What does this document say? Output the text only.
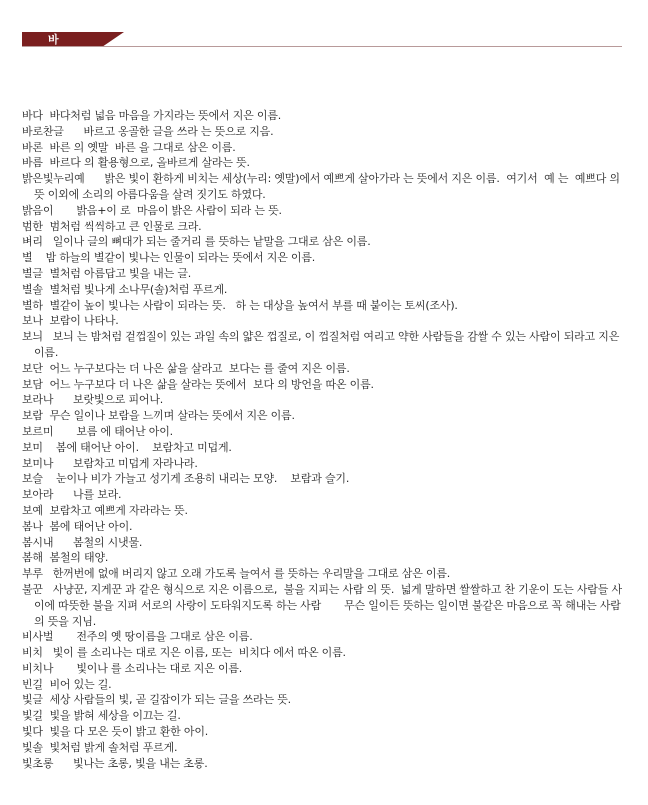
바
바다  바다처럼 넓음 마음을 가지라는 뜻에서 지은 이름.
바로찬글      바르고 옹골한 글을 쓰라 는 뜻으로 지음.
바론  바른 의 옛말  바른 을 그대로 삼은 이름.
바름  바르다 의 활용형으로, 올바르게 살라는 뜻.
밝은빛누리예      밝은 빛이 환하게 비치는 세상(누리: 옛말)에서 예쁘게 살아가라 는 뜻에서 지은 이름.  여기서  예 는  예쁘다 의 뜻 이외에 소리의 아름다움을 살려 짓기도 하였다.
밝음이       밝음+이 로  마음이 밝은 사람이 되라 는 뜻.
범한  범처럼 씩씩하고 큰 인물로 크라.
벼리   일이나 글의 뼈대가 되는 줄거리 를 뜻하는 낱말을 그대로 삼은 이름.
별    밤 하늘의 별같이 빛나는 인물이 되라는 뜻에서 지은 이름.
별글  별처럼 아름답고 빛을 내는 글.
별솔  별처럼 빛나게 소나무(솔)처럼 푸르게.
별하  별같이 높이 빛나는 사람이 되라는 뜻.   하 는 대상을 높여서 부를 때 붙이는 토씨(조사).
보나  보람이 나타나.
보늬   보늬 는 밤처럼 겉껍질이 있는 과일 속의 얇은 껍질로, 이 껍질처럼 여리고 약한 사람들을 감쌀 수 있는 사람이 되라고 지은 이름.
보단  어느 누구보다는 더 나은 삶을 살라고  보다는 를 줄여 지은 이름.
보담  어느 누구보다 더 나은 삶을 살라는 뜻에서  보다 의 방언을 따온 이름.
보라나      보랏빛으로 피어나.
보람  무슨 일이나 보람을 느끼며 살라는 뜻에서 지은 이름.
보르미       보름 에 태어난 아이.
보미    봄에 태어난 아이.    보람차고 미덥게.
보미나      보람차고 미덥게 자라나라.
보슬    눈이나 비가 가늘고 성기게 조용히 내리는 모양.    보람과 슬기.
보아라      나를 보라.
보예  보람차고 예쁘게 자라라는 뜻.
봄나  봄에 태어난 아이.
봄시내      봄철의 시냇물.
봄해  봄철의 태양.
부루   한꺼번에 없애 버리지 않고 오래 가도록 늘여서 를 뜻하는 우리말을 그대로 삼은 이름.
불꾼   사냥꾼, 지게꾼 과 같은 형식으로 지은 이름으로,  불을 지피는 사람 의 뜻.  넓게 말하면 쌀쌀하고 찬 기운이 도는 사람들 사이에 따뜻한 불을 지펴 서로의 사랑이 도타워지도록 하는 사람       무슨 일이든 뜻하는 일이면 불같은 마음으로 꼭 해내는 사람 의 뜻을 지님.
비사벌       전주의 옛 땅이름을 그대로 삼은 이름.
비치   빛이 를 소리나는 대로 지은 이름, 또는  비치다 에서 따온 이름.
비치나       빛이나 를 소리나는 대로 지은 이름.
빈길  비어 있는 길.
빛글  세상 사람들의 빛, 곧 길잡이가 되는 글을 쓰라는 뜻.
빛길  빛을 밝혀 세상을 이끄는 길.
빛다  빛을 다 모은 듯이 밝고 환한 아이.
빛솔  빛처럼 밝게 솔처럼 푸르게.
빛초롱      빛나는 초롱, 빛을 내는 초롱.
